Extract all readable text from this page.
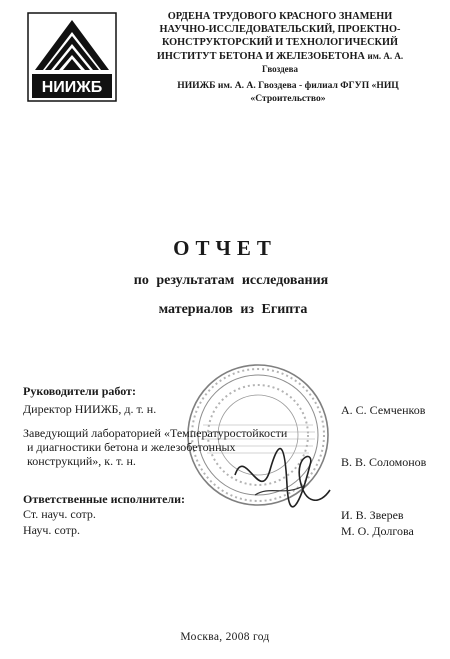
НИИЖБ
ОРДЕНА ТРУДОВОГО КРАСНОГО ЗНАМЕНИ
НАУЧНО-ИССЛЕДОВАТЕЛЬСКИЙ, ПРОЕКТНО-
КОНСТРУКТОРСКИЙ И ТЕХНОЛОГИЧЕСКИЙ
ИНСТИТУТ БЕТОНА И ЖЕЛЕЗОБЕТОНА им. А. А.
Гвоздева
НИИЖБ им. А. А. Гвоздева - филиал ФГУП «НИЦ
«Строительство»
ОТЧЕТ
по результатам исследования
материалов из Египта
Руководители работ:
Директор НИИЖБ, д. т. н.	А. С. Семченков
Заведующий лабораторией «Температуростойкости
и диагностики бетона и железобетонных
конструкций», к. т. н.	В. В. Соломонов
Ответственные исполнители:
Ст. науч. сотр.	И. В. Зверев
Науч. сотр.	М. О. Долгова
Москва, 2008 год
